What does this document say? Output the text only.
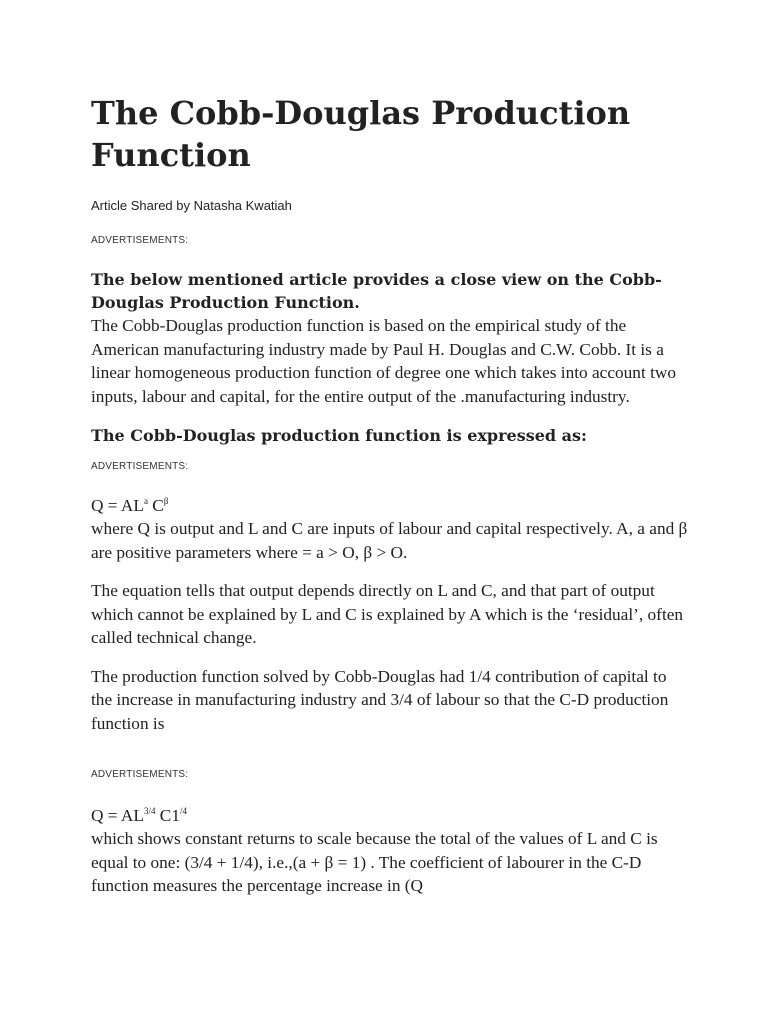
The Cobb-Douglas Production Function
Article Shared by Natasha Kwatiah
ADVERTISEMENTS:

The below mentioned article provides a close view on the Cobb-Douglas Production Function.

The Cobb-Douglas production function is based on the empirical study of the American manufacturing industry made by Paul H. Douglas and C.W. Cobb. It is a linear homogeneous production function of degree one which takes into account two inputs, labour and capital, for the entire output of the .manufacturing industry.

The Cobb-Douglas production function is expressed as:

ADVERTISEMENTS:
$Q = AL^a$ $C^\beta$

where Q is output and L and C are inputs of labour and capital respectively. A, a and β are positive parameters where = a > O, β > O.

The equation tells that output depends directly on L and C, and that part of output which cannot be explained by L and C is explained by A which is the ‘residual’, often called technical change.

The production function solved by Cobb-Douglas had 1/4 contribution of capital to the increase in manufacturing industry and 3/4 of labour so that the C-D production function is

ADVERTISEMENTS:
$Q = AL^{3/4}$ $C1^{/4}$

which shows constant returns to scale because the total of the values of L and C is equal to one: (3/4 + 1/4), i.e.,(a + β = 1) . The coefficient of labourer in the C-D function measures the percentage increase in (Q
